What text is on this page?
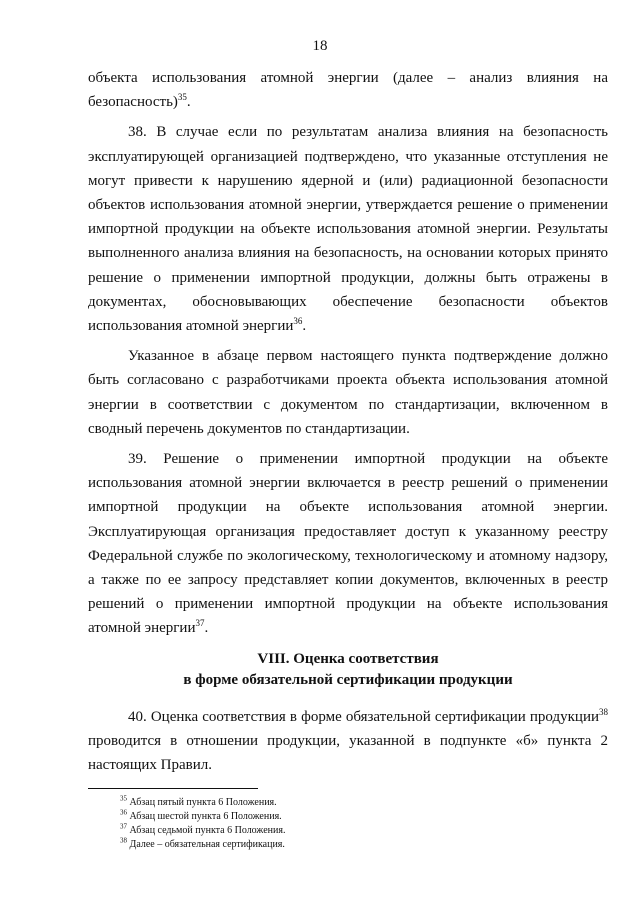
18

объекта использования атомной энергии (далее – анализ влияния на безопасность)$^{35}$.

38. В случае если по результатам анализа влияния на безопасность эксплуатирующей организацией подтверждено, что указанные отступления не могут привести к нарушению ядерной и (или) радиационной безопасности объектов использования атомной энергии, утверждается решение о применении импортной продукции на объекте использования атомной энергии. Результаты выполненного анализа влияния на безопасность, на основании которых принято решение о применении импортной продукции, должны быть отражены в документах, обосновывающих обеспечение безопасности объектов использования атомной энергии$^{36}$.

Указанное в абзаце первом настоящего пункта подтверждение должно быть согласовано с разработчиками проекта объекта использования атомной энергии в соответствии с документом по стандартизации, включенном в сводный перечень документов по стандартизации.

39. Решение о применении импортной продукции на объекте использования атомной энергии включается в реестр решений о применении импортной продукции на объекте использования атомной энергии. Эксплуатирующая организация предоставляет доступ к указанному реестру Федеральной службе по экологическому, технологическому и атомному надзору, а также по ее запросу представляет копии документов, включенных в реестр решений о применении импортной продукции на объекте использования атомной энергии$^{37}$.

VIII. Оценка соответствия
в форме обязательной сертификации продукции

40. Оценка соответствия в форме обязательной сертификации продукции$^{38}$ проводится в отношении продукции, указанной в подпункте «б» пункта 2 настоящих Правил.

$^{35}$ Абзац пятый пункта 6 Положения.

$^{36}$ Абзац шестой пункта 6 Положения.

$^{37}$ Абзац седьмой пункта 6 Положения.

$^{38}$ Далее – обязательная сертификация.
